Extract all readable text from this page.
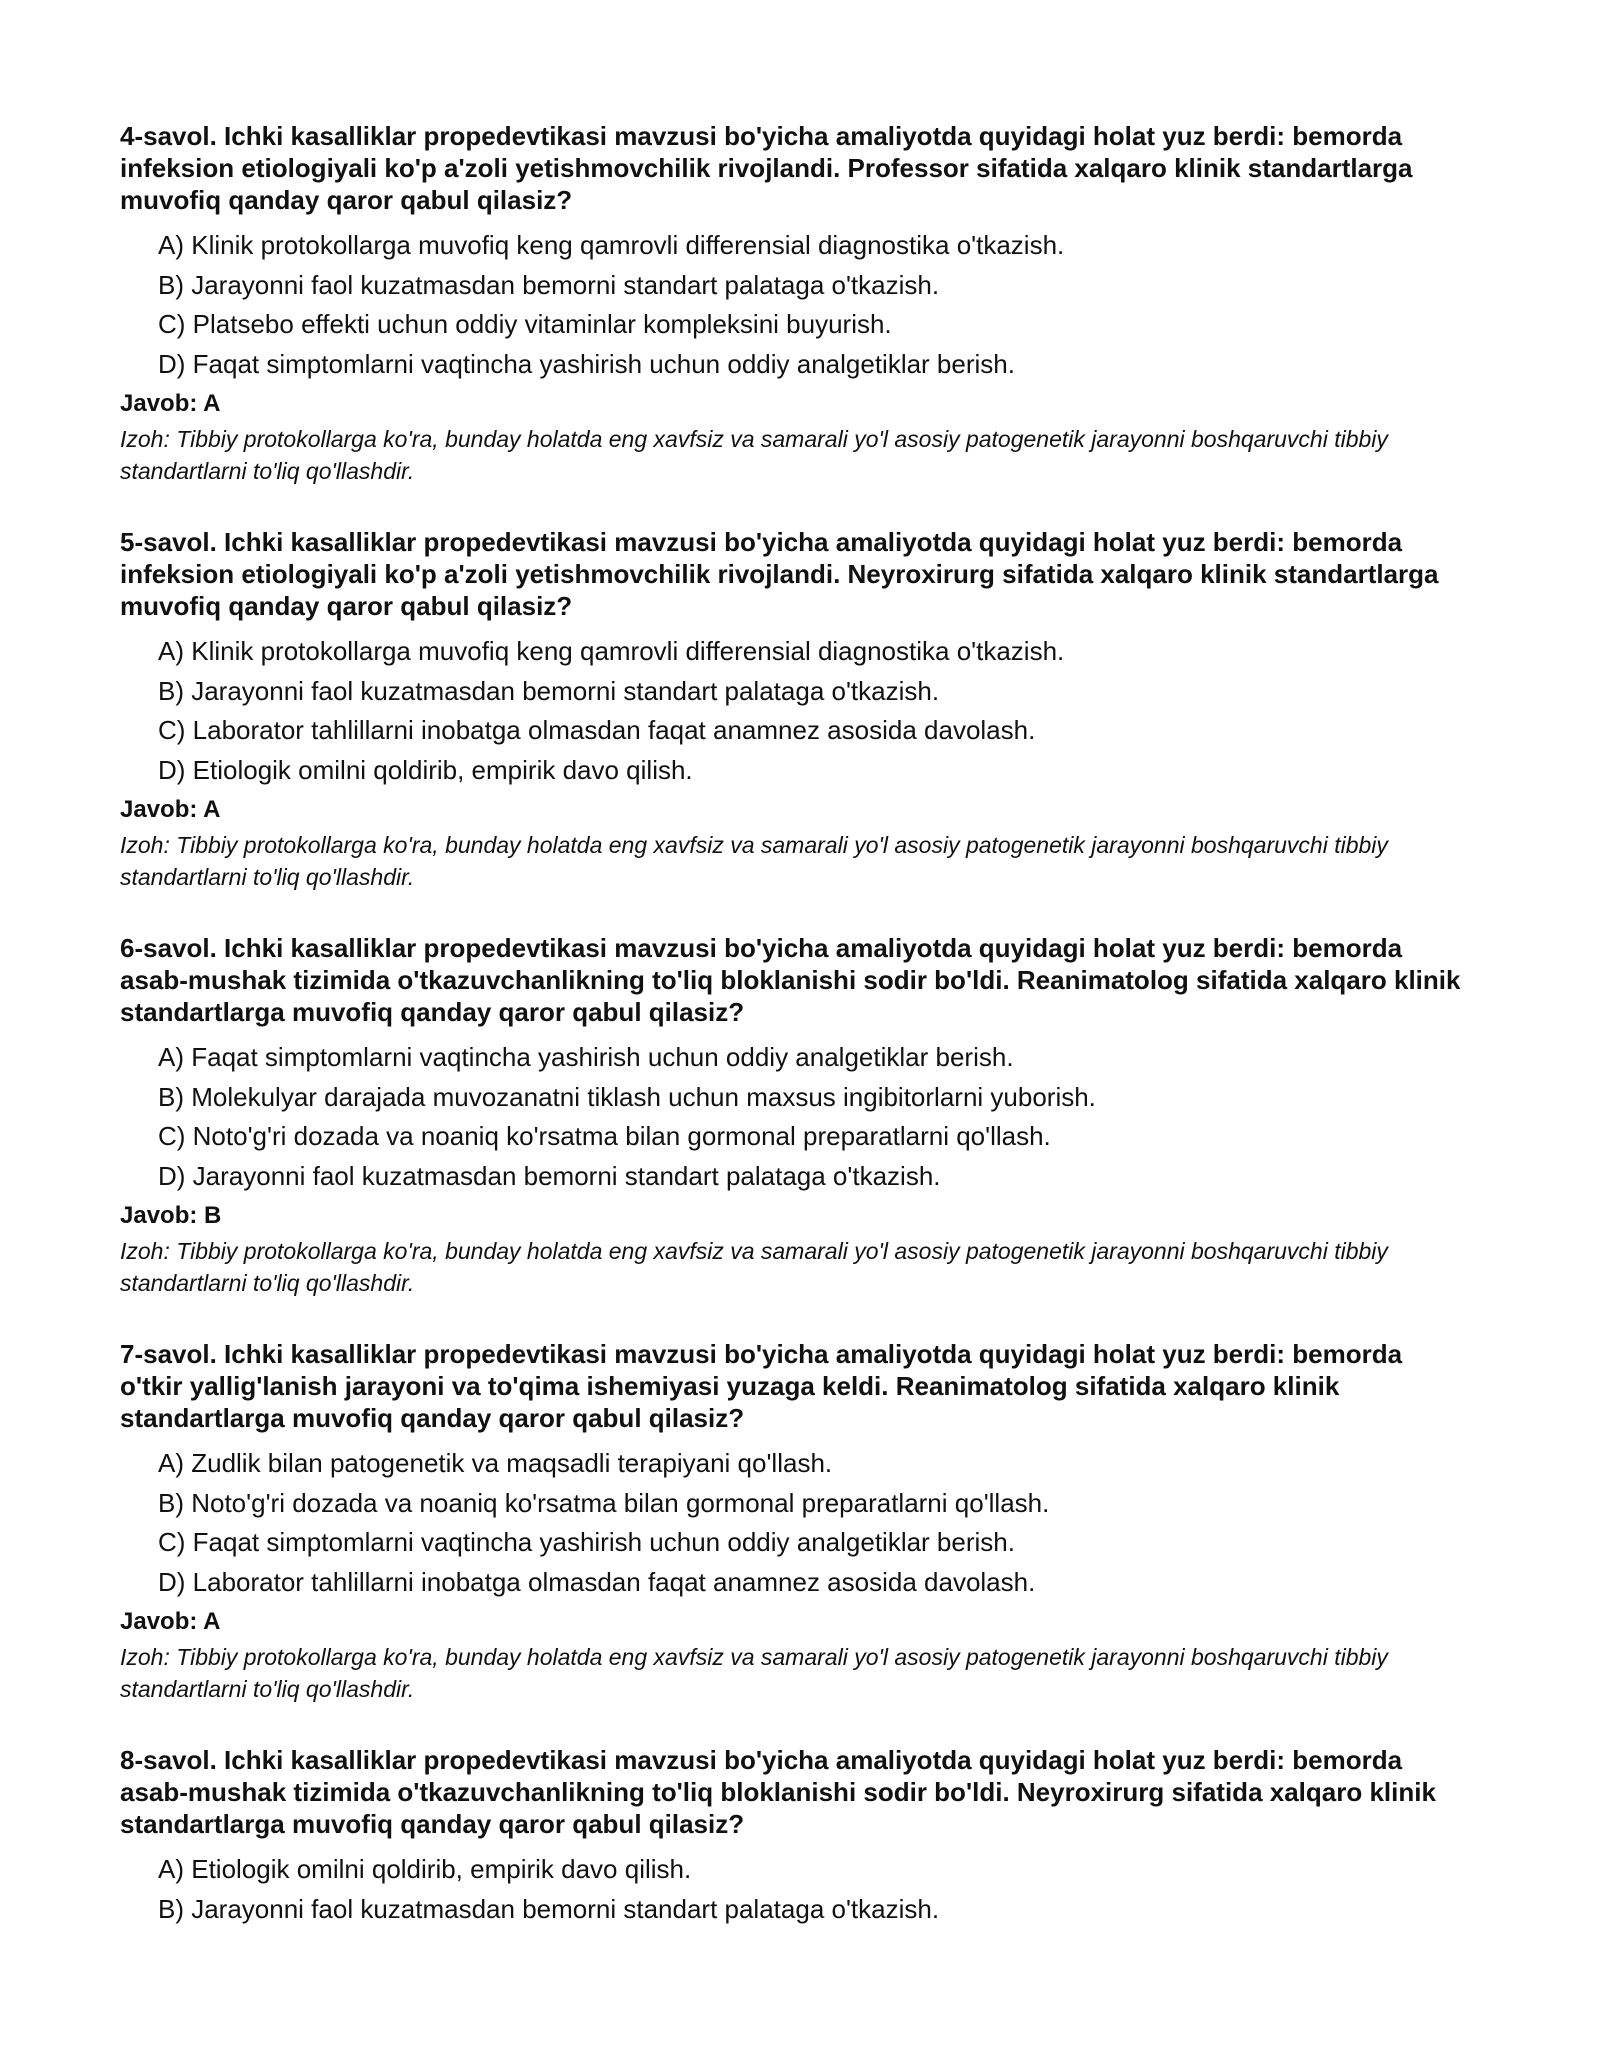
4-savol. Ichki kasalliklar propedevtikasi mavzusi bo'yicha amaliyotda quyidagi holat yuz berdi: bemorda infeksion etiologiyali ko'p a'zoli yetishmovchilik rivojlandi. Professor sifatida xalqaro klinik standartlarga muvofiq qanday qaror qabul qilasiz?
A) Klinik protokollarga muvofiq keng qamrovli differensial diagnostika o'tkazish.
B) Jarayonni faol kuzatmasdan bemorni standart palataga o'tkazish.
C) Platsebo effekti uchun oddiy vitaminlar kompleksini buyurish.
D) Faqat simptomlarni vaqtincha yashirish uchun oddiy analgetiklar berish.
Javob: A
Izoh: Tibbiy protokollarga ko'ra, bunday holatda eng xavfsiz va samarali yo'l asosiy patogenetik jarayonni boshqaruvchi tibbiy standartlarni to'liq qo'llashdir.
5-savol. Ichki kasalliklar propedevtikasi mavzusi bo'yicha amaliyotda quyidagi holat yuz berdi: bemorda infeksion etiologiyali ko'p a'zoli yetishmovchilik rivojlandi. Neyroxirurg sifatida xalqaro klinik standartlarga muvofiq qanday qaror qabul qilasiz?
A) Klinik protokollarga muvofiq keng qamrovli differensial diagnostika o'tkazish.
B) Jarayonni faol kuzatmasdan bemorni standart palataga o'tkazish.
C) Laborator tahlillarni inobatga olmasdan faqat anamnez asosida davolash.
D) Etiologik omilni qoldirib, empirik davo qilish.
Javob: A
Izoh: Tibbiy protokollarga ko'ra, bunday holatda eng xavfsiz va samarali yo'l asosiy patogenetik jarayonni boshqaruvchi tibbiy standartlarni to'liq qo'llashdir.
6-savol. Ichki kasalliklar propedevtikasi mavzusi bo'yicha amaliyotda quyidagi holat yuz berdi: bemorda asab-mushak tizimida o'tkazuvchanlikning to'liq bloklanishi sodir bo'ldi. Reanimatolog sifatida xalqaro klinik standartlarga muvofiq qanday qaror qabul qilasiz?
A) Faqat simptomlarni vaqtincha yashirish uchun oddiy analgetiklar berish.
B) Molekulyar darajada muvozanatni tiklash uchun maxsus ingibitorlarni yuborish.
C) Noto'g'ri dozada va noaniq ko'rsatma bilan gormonal preparatlarni qo'llash.
D) Jarayonni faol kuzatmasdan bemorni standart palataga o'tkazish.
Javob: B
Izoh: Tibbiy protokollarga ko'ra, bunday holatda eng xavfsiz va samarali yo'l asosiy patogenetik jarayonni boshqaruvchi tibbiy standartlarni to'liq qo'llashdir.
7-savol. Ichki kasalliklar propedevtikasi mavzusi bo'yicha amaliyotda quyidagi holat yuz berdi: bemorda o'tkir yallig'lanish jarayoni va to'qima ishemiyasi yuzaga keldi. Reanimatolog sifatida xalqaro klinik standartlarga muvofiq qanday qaror qabul qilasiz?
A) Zudlik bilan patogenetik va maqsadli terapiyani qo'llash.
B) Noto'g'ri dozada va noaniq ko'rsatma bilan gormonal preparatlarni qo'llash.
C) Faqat simptomlarni vaqtincha yashirish uchun oddiy analgetiklar berish.
D) Laborator tahlillarni inobatga olmasdan faqat anamnez asosida davolash.
Javob: A
Izoh: Tibbiy protokollarga ko'ra, bunday holatda eng xavfsiz va samarali yo'l asosiy patogenetik jarayonni boshqaruvchi tibbiy standartlarni to'liq qo'llashdir.
8-savol. Ichki kasalliklar propedevtikasi mavzusi bo'yicha amaliyotda quyidagi holat yuz berdi: bemorda asab-mushak tizimida o'tkazuvchanlikning to'liq bloklanishi sodir bo'ldi. Neyroxirurg sifatida xalqaro klinik standartlarga muvofiq qanday qaror qabul qilasiz?
A) Etiologik omilni qoldirib, empirik davo qilish.
B) Jarayonni faol kuzatmasdan bemorni standart palataga o'tkazish.
